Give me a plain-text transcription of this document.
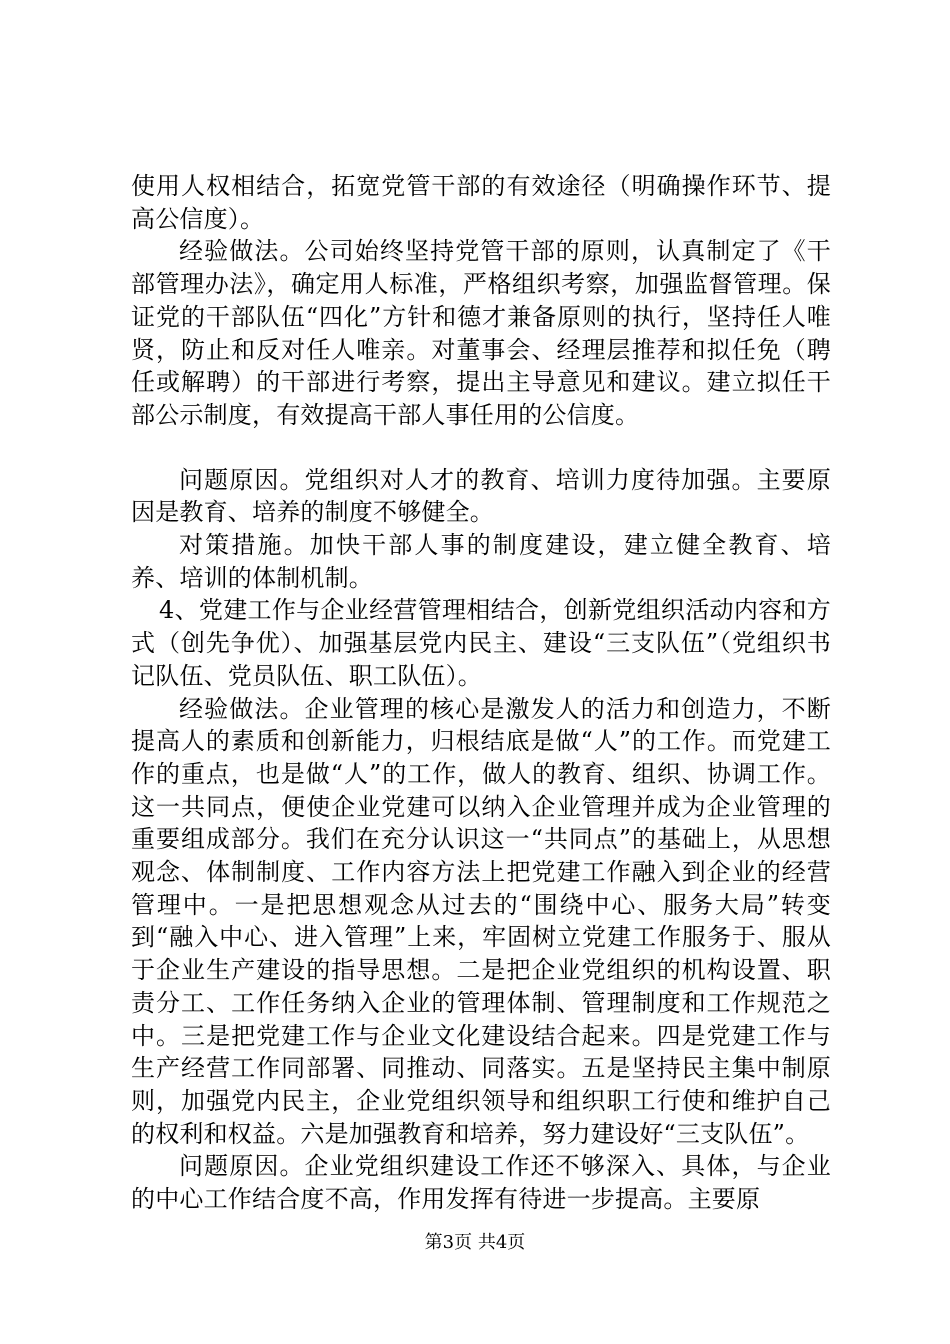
使用人权相结合，拓宽党管干部的有效途径（明确操作环节、提高公信度）。

经验做法。公司始终坚持党管干部的原则，认真制定了《干部管理办法》，确定用人标准，严格组织考察，加强监督管理。保证党的干部队伍“四化”方针和德才兼备原则的执行，坚持任人唯贤，防止和反对任人唯亲。对董事会、经理层推荐和拟任免（聘任或解聘）的干部进行考察，提出主导意见和建议。建立拟任干部公示制度，有效提高干部人事任用的公信度。

问题原因。党组织对人才的教育、培训力度待加强。主要原因是教育、培养的制度不够健全。

对策措施。加快干部人事的制度建设，建立健全教育、培养、培训的体制机制。

4、党建工作与企业经营管理相结合，创新党组织活动内容和方式（创先争优）、加强基层党内民主、建设“三支队伍”（党组织书记队伍、党员队伍、职工队伍）。

经验做法。企业管理的核心是激发人的活力和创造力，不断提高人的素质和创新能力，归根结底是做“人”的工作。而党建工作的重点，也是做“人”的工作，做人的教育、组织、协调工作。这一共同点，便使企业党建可以纳入企业管理并成为企业管理的重要组成部分。我们在充分认识这一“共同点”的基础上，从思想观念、体制制度、工作内容方法上把党建工作融入到企业的经营管理中。一是把思想观念从过去的“围绕中心、服务大局”转变到“融入中心、进入管理”上来，牢固树立党建工作服务于、服从于企业生产建设的指导思想。二是把企业党组织的机构设置、职责分工、工作任务纳入企业的管理体制、管理制度和工作规范之中。三是把党建工作与企业文化建设结合起来。四是党建工作与生产经营工作同部署、同推动、同落实。五是坚持民主集中制原则，加强党内民主，企业党组织领导和组织职工行使和维护自己的权利和权益。六是加强教育和培养，努力建设好“三支队伍”。

问题原因。企业党组织建设工作还不够深入、具体，与企业的中心工作结合度不高，作用发挥有待进一步提高。主要原

第3页 共4页
